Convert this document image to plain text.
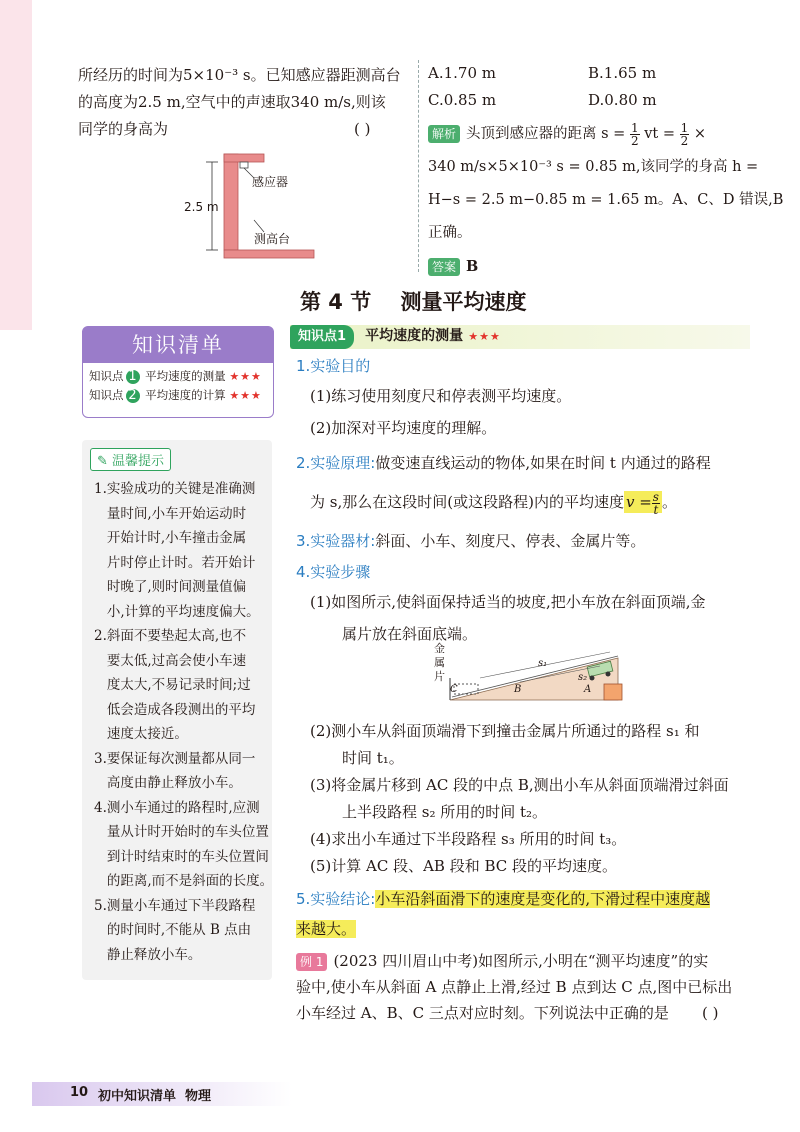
所经历的时间为5×10⁻³ s。已知感应器距测高台
的高度为2.5 m,空气中的声速取340 m/s,则该
同学的身高为	( )
感应器
2.5 m
测高台
A.1.70 m	B.1.65 m
C.0.85 m	D.0.80 m
解析 头顶到感应器的距离 $s = \frac{1}{2}$ vt = $\frac{1}{2}$ ×
340 m/s×5×10⁻³ s = 0.85 m,该同学的身高 h =
H−s = 2.5 m−0.85 m = 1.65 m。A、C、D 错误,B
正确。
答案 B
第 4 节    测量平均速度
知识清单
知识点 1 平均速度的测量 ★★★
知识点 2 平均速度的计算 ★★★
✎ 温馨提示
1.实验成功的关键是准确测
量时间,小车开始运动时
开始计时,小车撞击金属
片时停止计时。若开始计
时晚了,则时间测量值偏
小,计算的平均速度偏大。
2.斜面不要垫起太高,也不
要太低,过高会使小车速
度太大,不易记录时间;过
低会造成各段测出的平均
速度太接近。
3.要保证每次测量都从同一
高度由静止释放小车。
4.测小车通过的路程时,应测
量从计时开始时的车头位置
到计时结束时的车头位置间
的距离,而不是斜面的长度。
5.测量小车通过下半段路程
的时间时,不能从 B 点由
静止释放小车。
知识点1 平均速度的测量 ★★★
1.实验目的
(1)练习使用刻度尺和停表测平均速度。
(2)加深对平均速度的理解。
2.实验原理:做变速直线运动的物体,如果在时间 t 内通过的路程
为 s,那么在这段时间(或这段路程)内的平均速度 $v = \frac{s}{t}$ 。
3.实验器材:斜面、小车、刻度尺、停表、金属片等。
4.实验步骤
(1)如图所示,使斜面保持适当的坡度,把小车放在斜面顶端,金
属片放在斜面底端。
金
属
片
s₁
s₂
C	B	A
(2)测小车从斜面顶端滑下到撞击金属片所通过的路程 s₁ 和
时间 t₁。
(3)将金属片移到 AC 段的中点 B,测出小车从斜面顶端滑过斜面
上半段路程 s₂ 所用的时间 t₂。
(4)求出小车通过下半段路程 s₃ 所用的时间 t₃。
(5)计算 AC 段、AB 段和 BC 段的平均速度。
5.实验结论:小车沿斜面滑下的速度是变化的,下滑过程中速度越
来越大。
例 1 (2023 四川眉山中考)如图所示,小明在“测平均速度”的实
验中,使小车从斜面 A 点静止上滑,经过 B 点到达 C 点,图中已标出
小车经过 A、B、C 三点对应时刻。下列说法中正确的是 ( )
10 初中知识清单  物理
